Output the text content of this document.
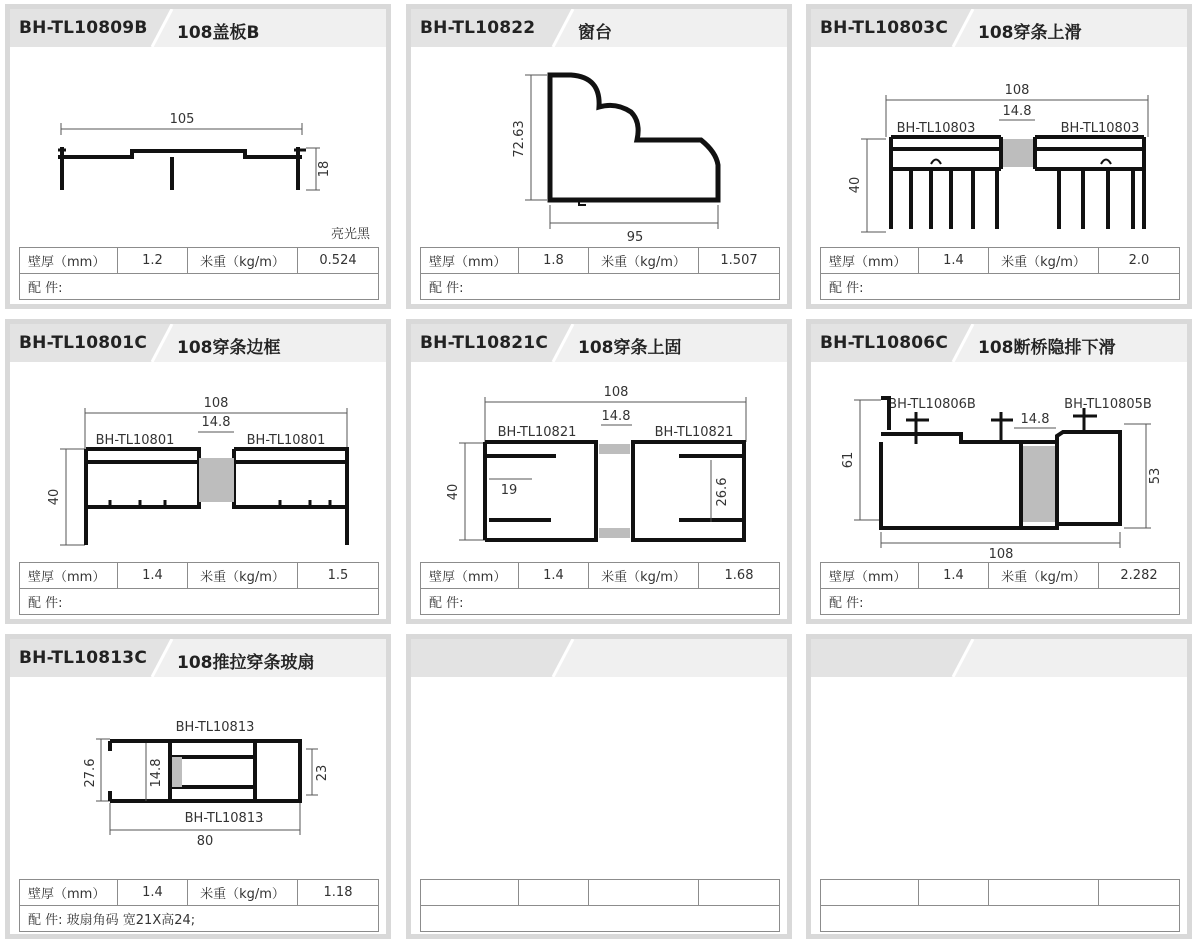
BH-TL10809B 108盖板B
105
18
亮光黑
壁厚（mm）	1.2	米重（kg/m）	0.524
配 件:
BH-TL10822	窗台
72.63
95
壁厚（mm）	1.8	米重（kg/m）	1.507
配 件:
BH-TL10803C 108穿条上滑
108
14.8
BH-TL10803	BH-TL10803
40
壁厚（mm）	1.4	米重（kg/m）	2.0
配 件:
BH-TL10801C 108穿条边框
108
14.8
BH-TL10801	BH-TL10801
40
壁厚（mm）	1.4	米重（kg/m）	1.5
配 件:
BH-TL10821C 108穿条上固
108
14.8
BH-TL10821	BH-TL10821
40	19	26.6
壁厚（mm）	1.4	米重（kg/m）	1.68
配 件:
BH-TL10806C 108断桥隐排下滑
BH-TL10806B	BH-TL10805B
14.8
61
53
108
壁厚（mm）	1.4	米重（kg/m）	2.282
配 件:
BH-TL10813C 108推拉穿条玻扇
BH-TL10813
27.6	14.8	23
BH-TL10813
80
壁厚（mm）	1.4	米重（kg/m）	1.18
配 件: 玻扇角码 宽21X高24;
